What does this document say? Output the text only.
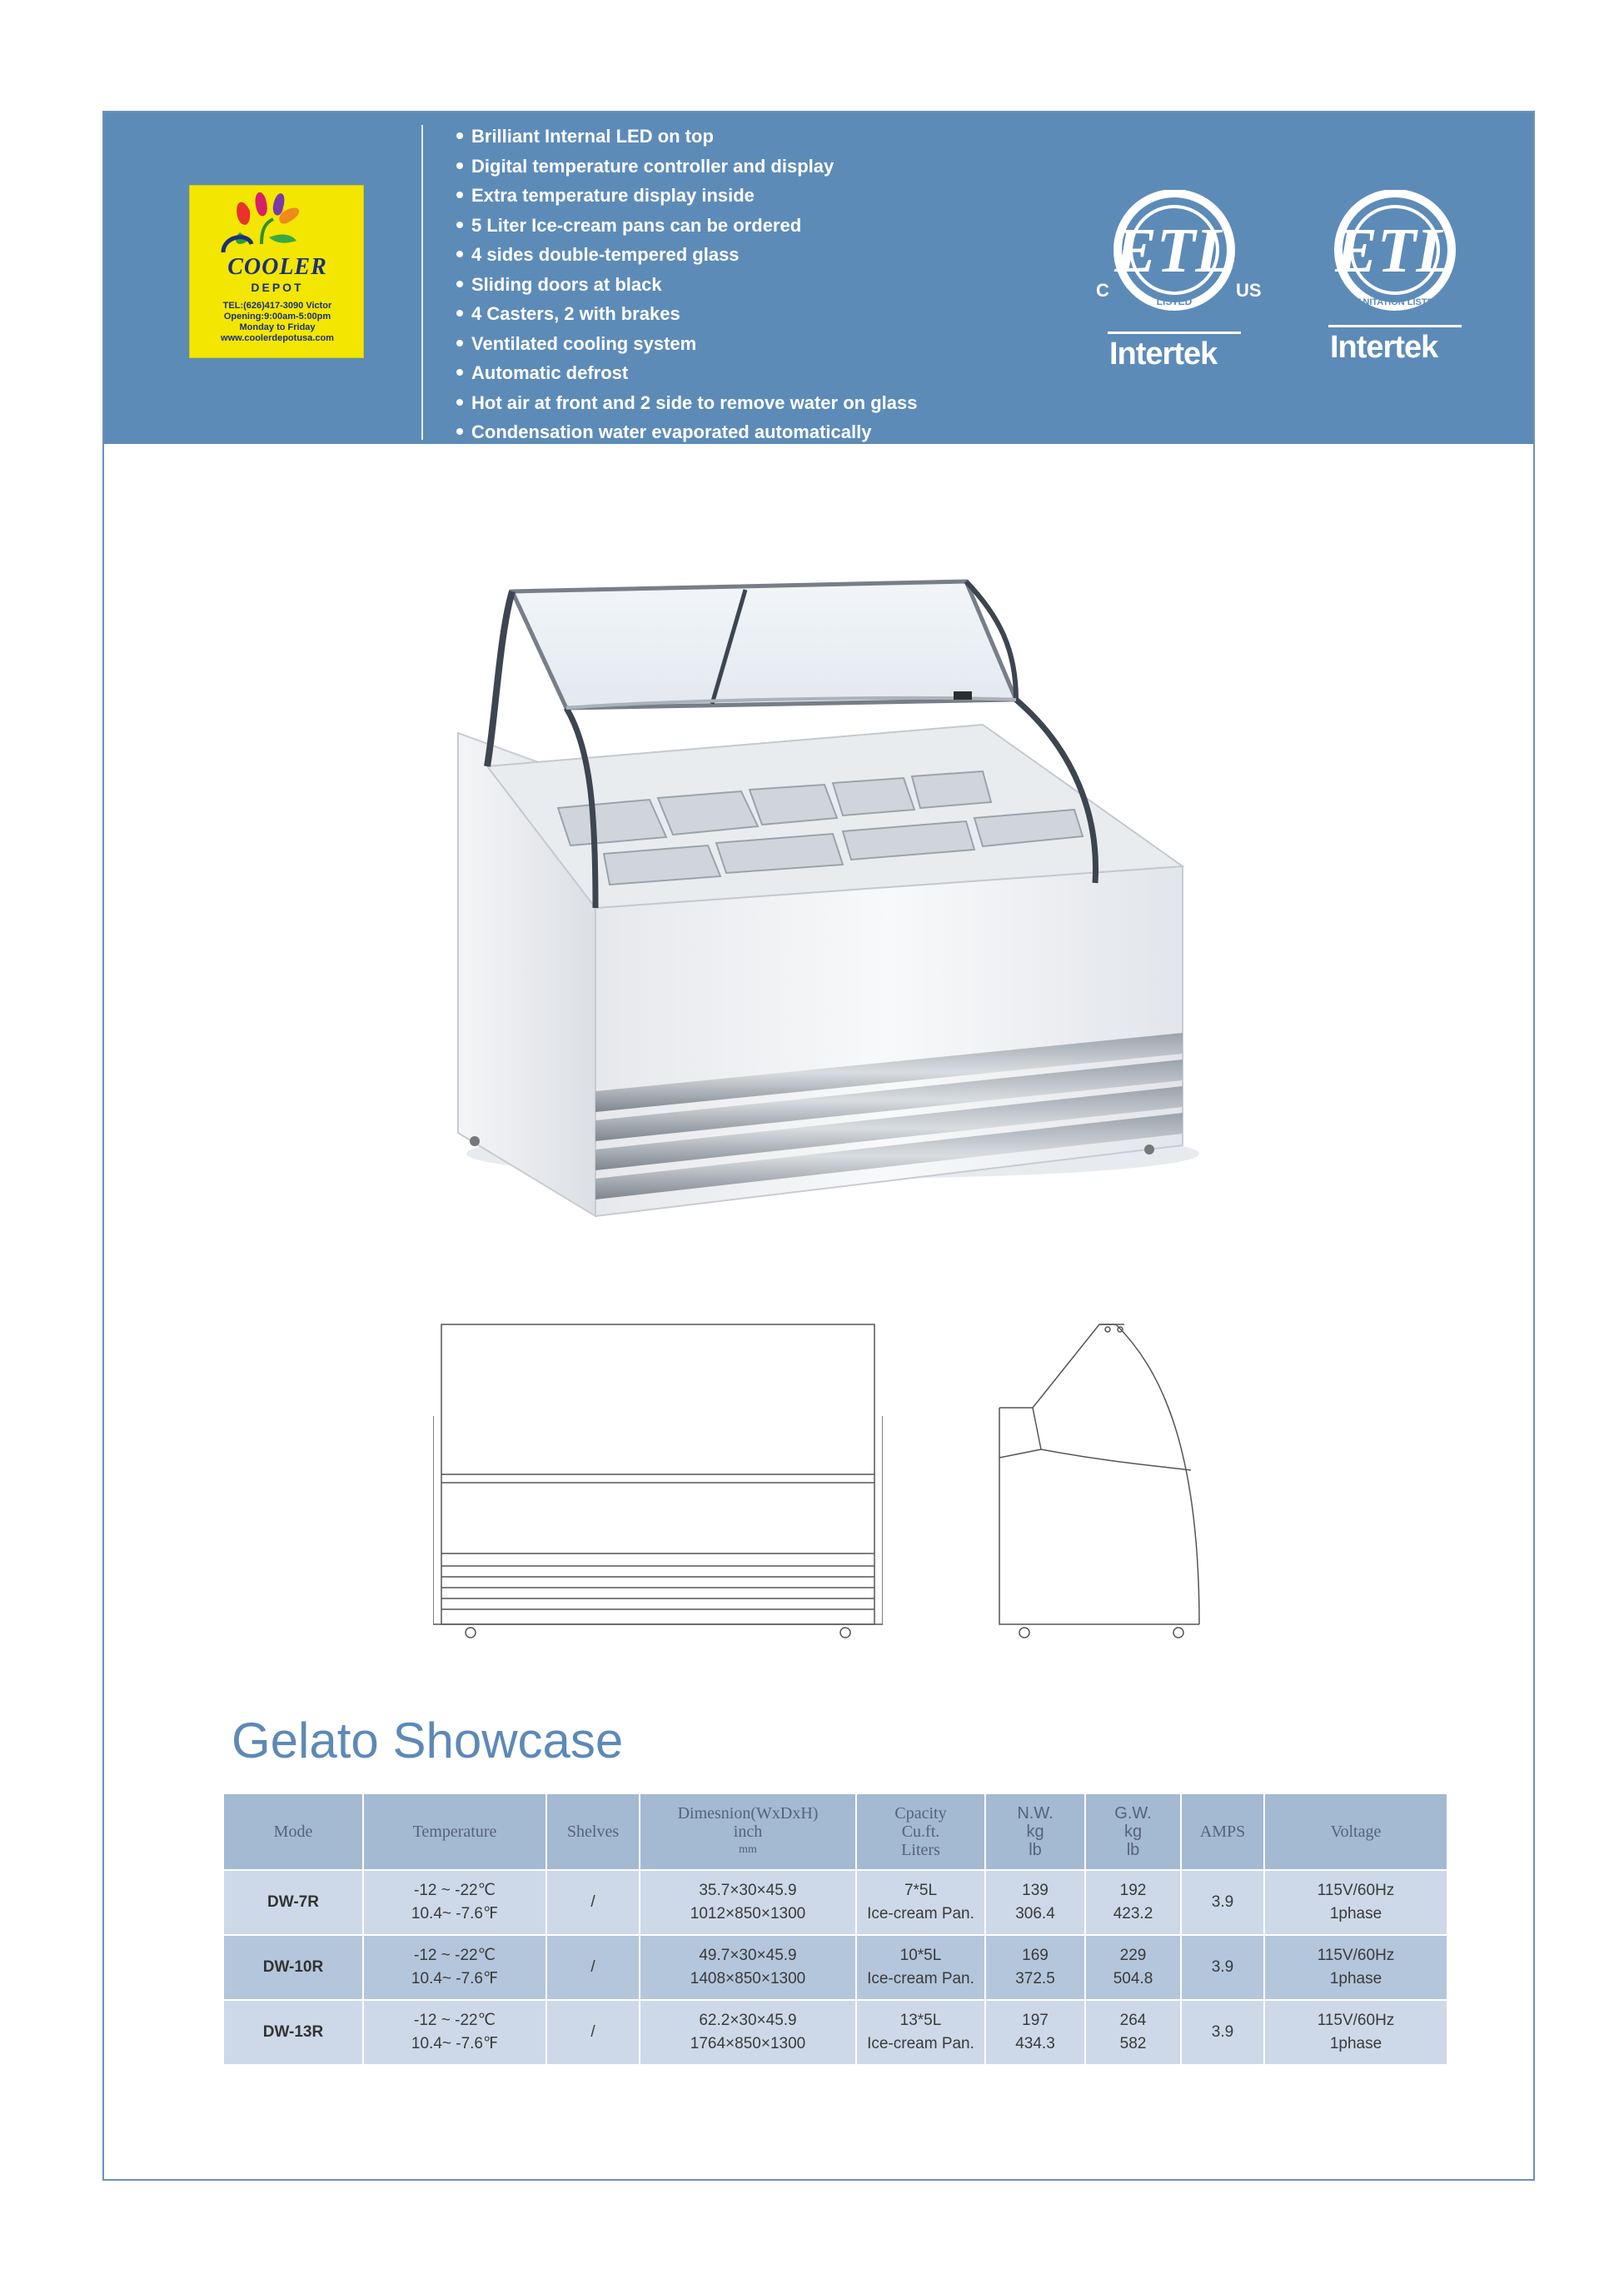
COOLER
DEPOT
TEL:(626)417-3090 Victor
Opening:9:00am-5:00pm
Monday to Friday
www.coolerdepotusa.com
Brilliant Internal LED on top
Digital temperature controller and display
Extra temperature display inside
5 Liter Ice-cream pans can be ordered
4 sides double-tempered glass
Sliding doors at black
4 Casters, 2 with brakes
Ventilated cooling system
Automatic defrost
Hot air at front and 2 side to remove water on glass
Condensation water evaporated automatically
ETL
LISTED
C	US
Intertek
ETL
SANITATION LISTED
Intertek
Gelato Showcase
Mode	Temperature	Shelves	Dimesnion(WxDxH)
inch
mm	Cpacity
Cu.ft.
Liters	N.W.
kg
lb	G.W.
kg
lb	AMPS	Voltage

DW-7R	-12 ~ -22℃
10.4~ -7.6℉	/	35.7×30×45.9
1012×850×1300	7*5L
Ice-cream Pan.	139
306.4	192
423.2	3.9	115V/60Hz
1phase

DW-10R	-12 ~ -22℃
10.4~ -7.6℉	/	49.7×30×45.9
1408×850×1300	10*5L
Ice-cream Pan.	169
372.5	229
504.8	3.9	115V/60Hz
1phase

DW-13R	-12 ~ -22℃
10.4~ -7.6℉	/	62.2×30×45.9
1764×850×1300	13*5L
Ice-cream Pan.	197
434.3	264
582	3.9	115V/60Hz
1phase
